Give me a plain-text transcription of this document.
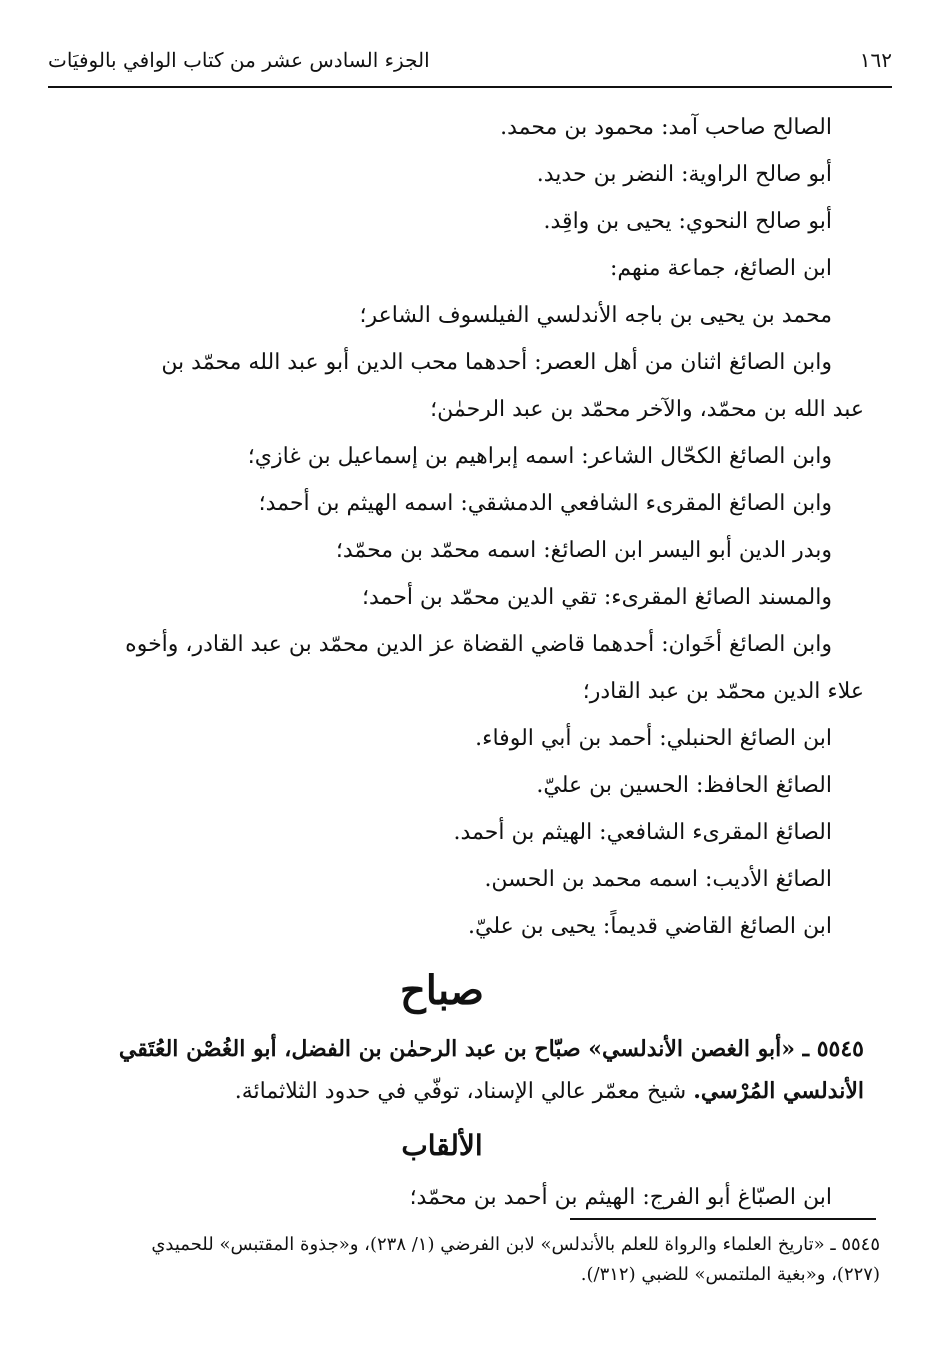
١٦٢
الجزء السادس عشر من كتاب الوافي بالوفيَات
الصالح صاحب آمد: محمود بن محمد.
أبو صالح الراوية: النضر بن حديد.
أبو صالح النحوي: يحيى بن واقِد.
ابن الصائغ، جماعة منهم:
محمد بن يحيى بن باجه الأندلسي الفيلسوف الشاعر؛
وابن الصائغ اثنان من أهل العصر: أحدهما محب الدين أبو عبد الله محمّد بن
عبد الله بن محمّد، والآخر محمّد بن عبد الرحمٰن؛
وابن الصائغ الكحّال الشاعر: اسمه إبراهيم بن إسماعيل بن غازي؛
وابن الصائغ المقرىء الشافعي الدمشقي: اسمه الهيثم بن أحمد؛
وبدر الدين أبو اليسر ابن الصائغ: اسمه محمّد بن محمّد؛
والمسند الصائغ المقرىء: تقي الدين محمّد بن أحمد؛
وابن الصائغ أخَوان: أحدهما قاضي القضاة عز الدين محمّد بن عبد القادر، وأخوه
علاء الدين محمّد بن عبد القادر؛
ابن الصائغ الحنبلي: أحمد بن أبي الوفاء.
الصائغ الحافظ: الحسين بن عليّ.
الصائغ المقرىء الشافعي: الهيثم بن أحمد.
الصائغ الأديب: اسمه محمد بن الحسن.
ابن الصائغ القاضي قديماً: يحيى بن عليّ.
صباح
٥٥٤٥ ـ «أبو الغصن الأندلسي» صبّاح بن عبد الرحمٰن بن الفضل، أبو الغُصْن العُتَقي
الأندلسي المُرْسي. شيخ معمّر عالي الإسناد، توفّي في حدود الثلاثمائة.
الألقاب
ابن الصبّاغ أبو الفرج: الهيثم بن أحمد بن محمّد؛
٥٥٤٥ ـ «تاريخ العلماء والرواة للعلم بالأندلس» لابن الفرضي (١/ ٢٣٨)، و«جذوة المقتبس» للحميدي
(٢٢٧)، و«بغية الملتمس» للضبي (٣١٢/).
